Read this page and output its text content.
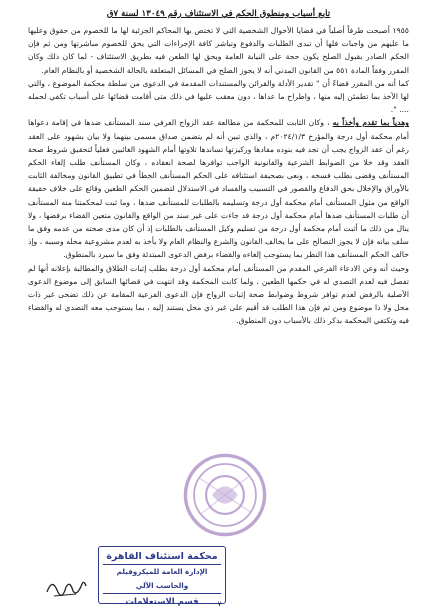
تابع أسباب ومنطوق الحكم في الاستئناف رقم ١٣٠٤٩ لسنة ٧ق

١٩٥٥ أصبحت طرفاً أصلياً في قضايا الأحوال الشخصية التي لا تختص بها المحاكم الجزئية لها ما للخصوم من حقوق وعليها ما عليهم من واجبات فلها أن تبدى الطلبات والدفوع وتباشر كافة الإجراءات التي يحق للخصوم مباشرتها ومن ثم فإن الحكم الصادر بقبول الصلح يكون حجة على النيابة العامة ويحق لها الطعن فيه بطريق الاستئناف - لما كان ذلك وكان المقرر وفقاً المادة ٥٥١ من القانون المدني أنه لا يجوز الصلح في المسائل المتعلقة بالحالة الشخصية أو بالنظام العام.

كما أنه من المقرر قضاءً أن " تقدير الأدلة والقرائن والمستندات المقدمة في الدعوى من سلطة محكمة الموضوع ، والتي لها الأخذ بما تطمئن إليه منها ، واطراح ما عداها ، دون معقب عليها في ذلك متى أقامت قضائها على أسباب تكفي لحمله .... ".

وهدياً بما تقدم وأخذاً به ، وكان الثابت للمحكمة من مطالعة عقد الزواج العرفي سند المستأنف ضدها في إقامة دعواها أمام محكمة أول درجة والمؤرخ ٢٠٢٤/١/٣م ، والذي تبين أنه لم يتضمن صداق مسمى بينهما ولا بيان بشهود على العقد رغم أن عقد الزواج يجب أن تجد فيه بنوده مفادها وركيزتها تساندها تلاوتها أمام الشهود الغائبين فعلياً لتحقيق شروط صحة العقد وقد خلا من الضوابط الشرعية والقانونية الواجب توافرها لصحة انعقاده ، وكان المستأنف طلب إلغاء الحكم المستأنف وقضى بطلب فسخه ، ونعى بصحيفة استئنافه على الحكم المستأنف الخطأ في تطبيق القانون ومخالفة الثابت بالأوراق والإخلال بحق الدفاع والقصور في التسبيب والفساد في الاستدلال لتضمين الحكم الطعين وقائع على خلاف حقيقة الواقع من مثول المستأنف أمام محكمة أول درجة وتسليمه بالطلبات للمستأنف ضدها ، وما ثبت لمحكمتنا منه المستأنف أن طلبات المستأنف ضدها أمام محكمة أول درجة قد جاءت على غير سند من الواقع والقانون متعين القضاء برفضها ، ولا ينال من ذلك ما أثبت أمام محكمة أول درجة من تسليم وكيل المستأنف بالطلبات إذ أن كان مدى صحته من عدمه وفق ما سلف بيانه فإن لا يجوز التصالح على ما يخالف القانون والشرع والنظام العام ولا يأخذ به لعدم مشروعية محله وسببه ، وإذ خالف الحكم المستأنف هذا النظر بما يستوجب إلغاءه والقضاء برفض الدعوى المبتدئة وفق ما سيرد بالمنطوق.

وحيث أنه وعن الادعاء الفرعي المقدم من المستأنف أمام محكمة أول درجة بطلب إثبات الطلاق والمطالبة بإعلانه أنها لم تفصل فيه لعدم التصدي له في حكمها الطعين ، ولما كانت المحكمة وقد انتهت في قضائها السابق إلى موضوع الدعوى الأصلية بالرفض لعدم توافر شروط وضوابط صحة إثبات الزواج فإن الدعوى الفرعية المقامة عن ذلك تضحى غير ذات محل ولا ذا موضوع ومن ثم فإن هذا الطلب قد أقيم على غير ذي محل يستند إليه ، بما يستوجب معه التصدي له والقضاء فيه وتكتفي المحكمة بذكر ذلك بالأسباب دون المنطوق.

محكمة استئناف القاهرة
الإدارة العامة للميكروفيلم والحاسب الآلي
قسم الاستعلامات	٧
